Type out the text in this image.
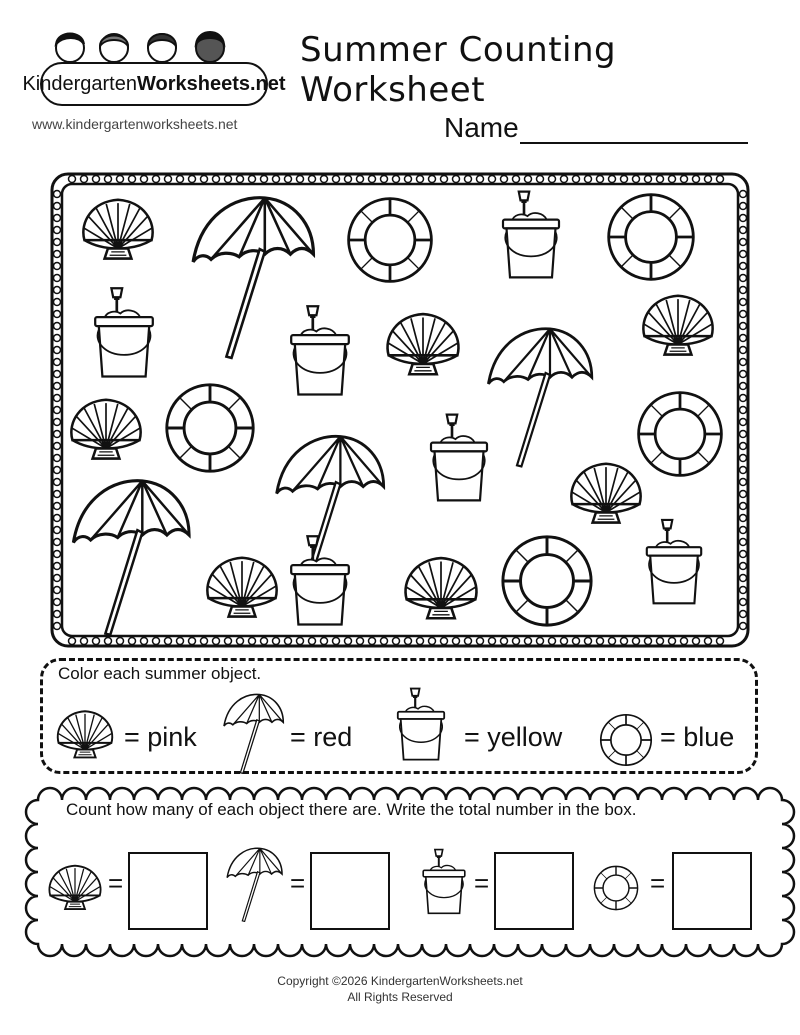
Kindergarten Worksheets.net
www.kindergartenworksheets.net
Summer Counting Worksheet
Name
Color each summer object.
= pink	= red	= yellow	= blue
Count how many of each object there are. Write the total number in the box.
=	=	=	=
Copyright ©2026 KindergartenWorksheets.net
All Rights Reserved
